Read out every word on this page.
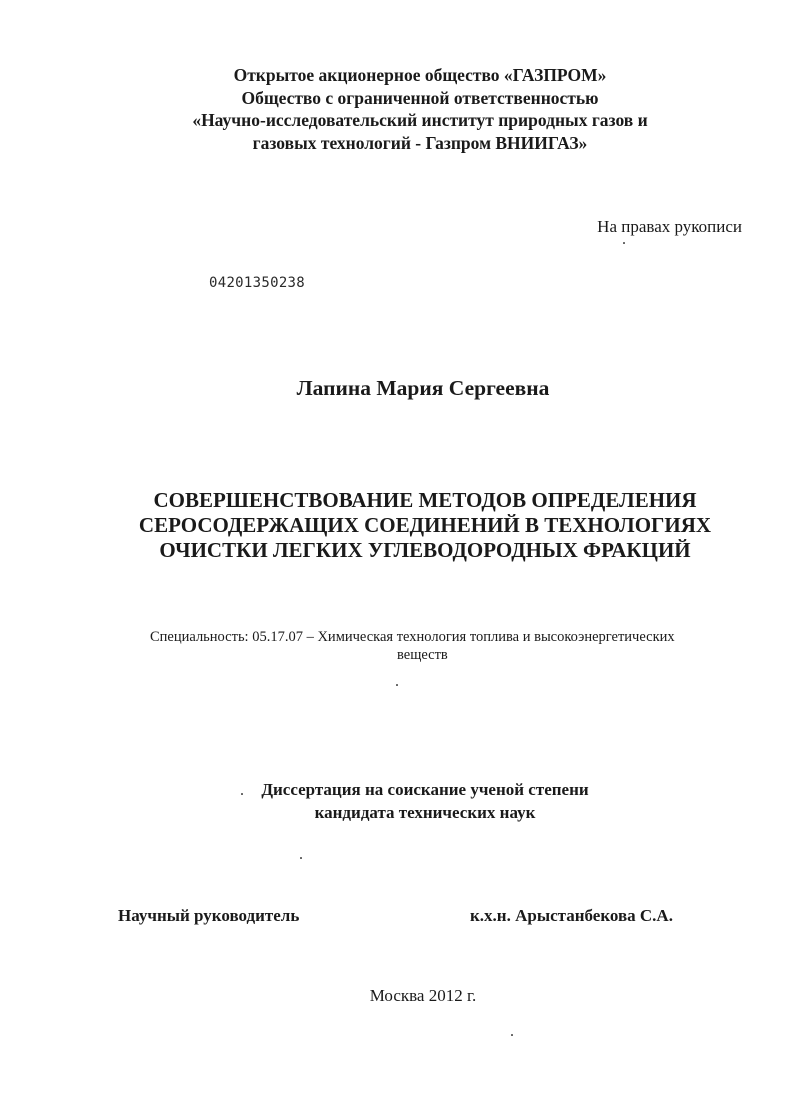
Открытое акционерное общество «ГАЗПРОМ»
Общество с ограниченной ответственностью
«Научно-исследовательский институт природных газов и
газовых технологий - Газпром ВНИИГАЗ»
На правах рукописи
04201350238
Лапина Мария Сергеевна
СОВЕРШЕНСТВОВАНИЕ МЕТОДОВ ОПРЕДЕЛЕНИЯ
СЕРОСОДЕРЖАЩИХ СОЕДИНЕНИЙ В ТЕХНОЛОГИЯХ
ОЧИСТКИ ЛЕГКИХ УГЛЕВОДОРОДНЫХ ФРАКЦИЙ
Специальность: 05.17.07 – Химическая технология топлива и высокоэнергетических
веществ
Диссертация на соискание ученой степени
кандидата технических наук
Научный руководитель	к.х.н. Арыстанбекова С.А.
Москва 2012 г.
